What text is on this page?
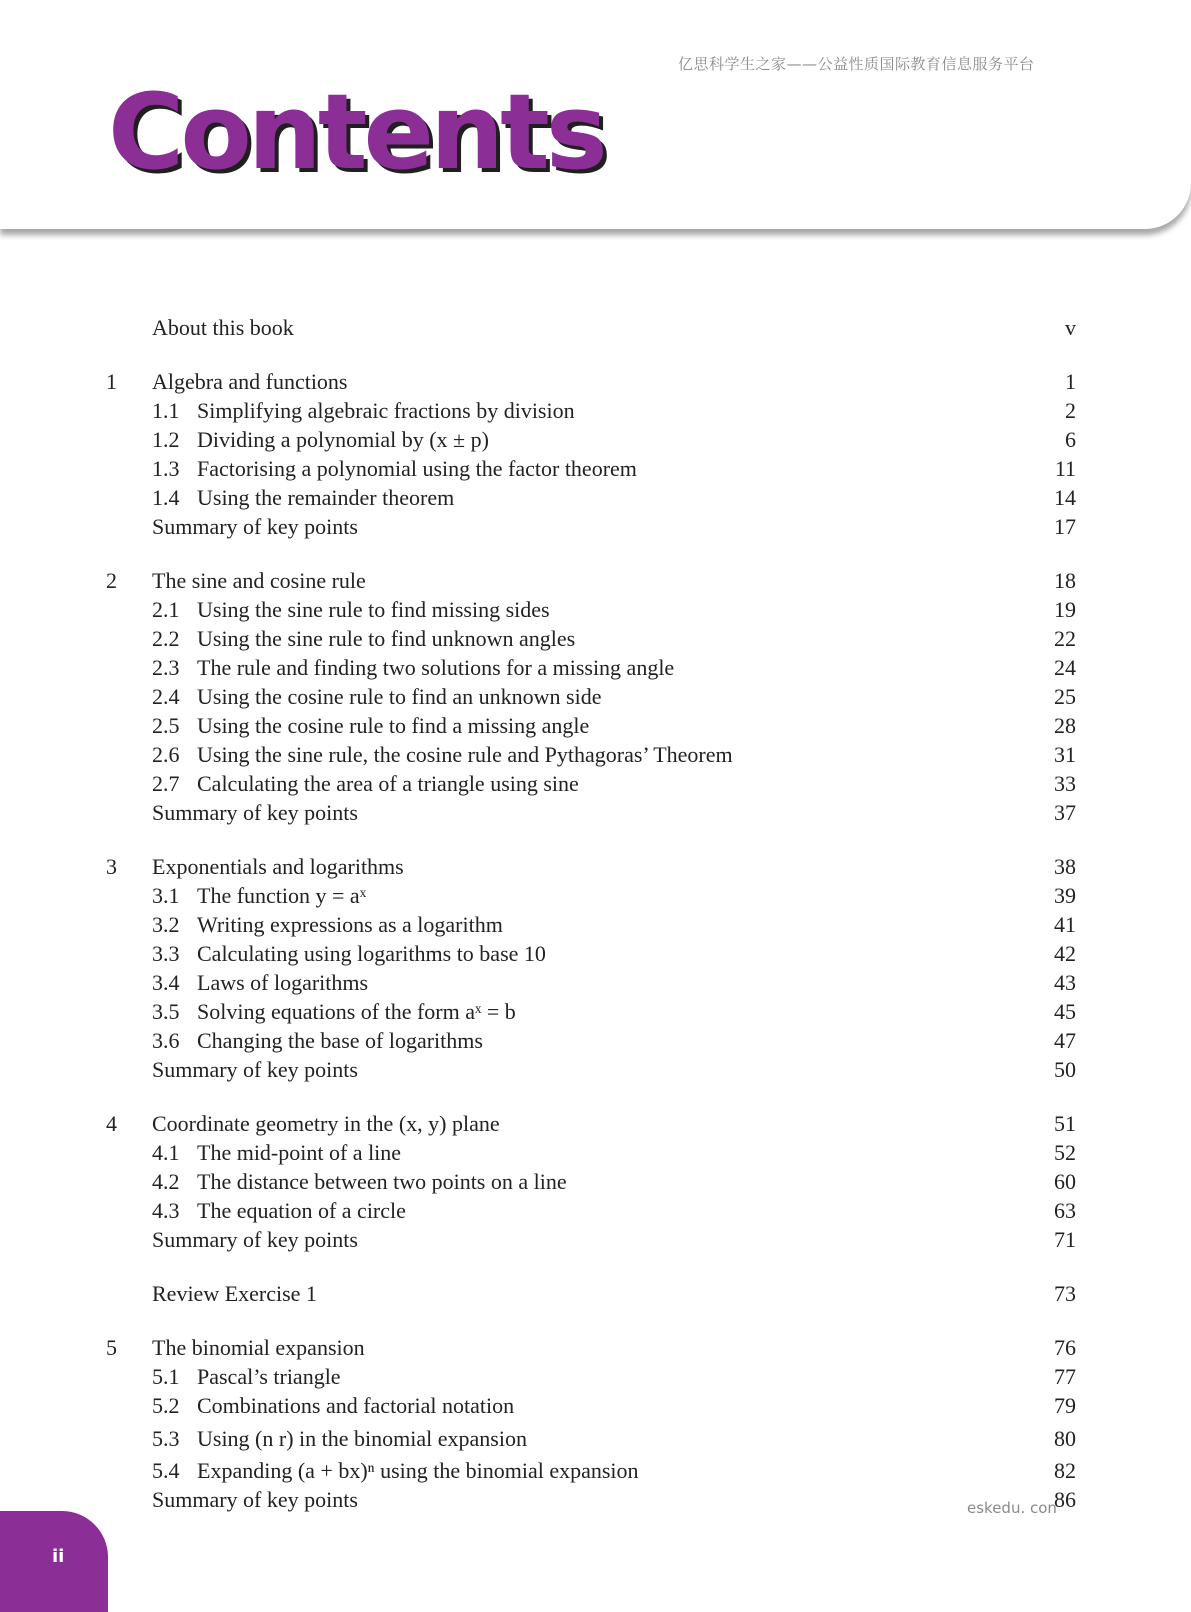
亿思科学生之家——公益性质国际教育信息服务平台
Contents
About this book	v
1 Algebra and functions	1
1.1 Simplifying algebraic fractions by division	2
1.2 Dividing a polynomial by (x ± p)	6
1.3 Factorising a polynomial using the factor theorem	11
1.4 Using the remainder theorem	14
Summary of key points	17
2 The sine and cosine rule	18
2.1 Using the sine rule to find missing sides	19
2.2 Using the sine rule to find unknown angles	22
2.3 The rule and finding two solutions for a missing angle	24
2.4 Using the cosine rule to find an unknown side	25
2.5 Using the cosine rule to find a missing angle	28
2.6 Using the sine rule, the cosine rule and Pythagoras’ Theorem	31
2.7 Calculating the area of a triangle using sine	33
Summary of key points	37
3 Exponentials and logarithms	38
3.1 The function y = aˣ	39
3.2 Writing expressions as a logarithm	41
3.3 Calculating using logarithms to base 10	42
3.4 Laws of logarithms	43
3.5 Solving equations of the form aˣ = b	45
3.6 Changing the base of logarithms	47
Summary of key points	50
4 Coordinate geometry in the (x, y) plane	51
4.1 The mid-point of a line	52
4.2 The distance between two points on a line	60
4.3 The equation of a circle	63
Summary of key points	71
Review Exercise 1	73
5 The binomial expansion	76
5.1 Pascal’s triangle	77
5.2 Combinations and factorial notation	79
5.3 Using (n r) in the binomial expansion	80
5.4 Expanding (a + bx)ⁿ using the binomial expansion	82
Summary of key points	86
eskedu. con
ii
